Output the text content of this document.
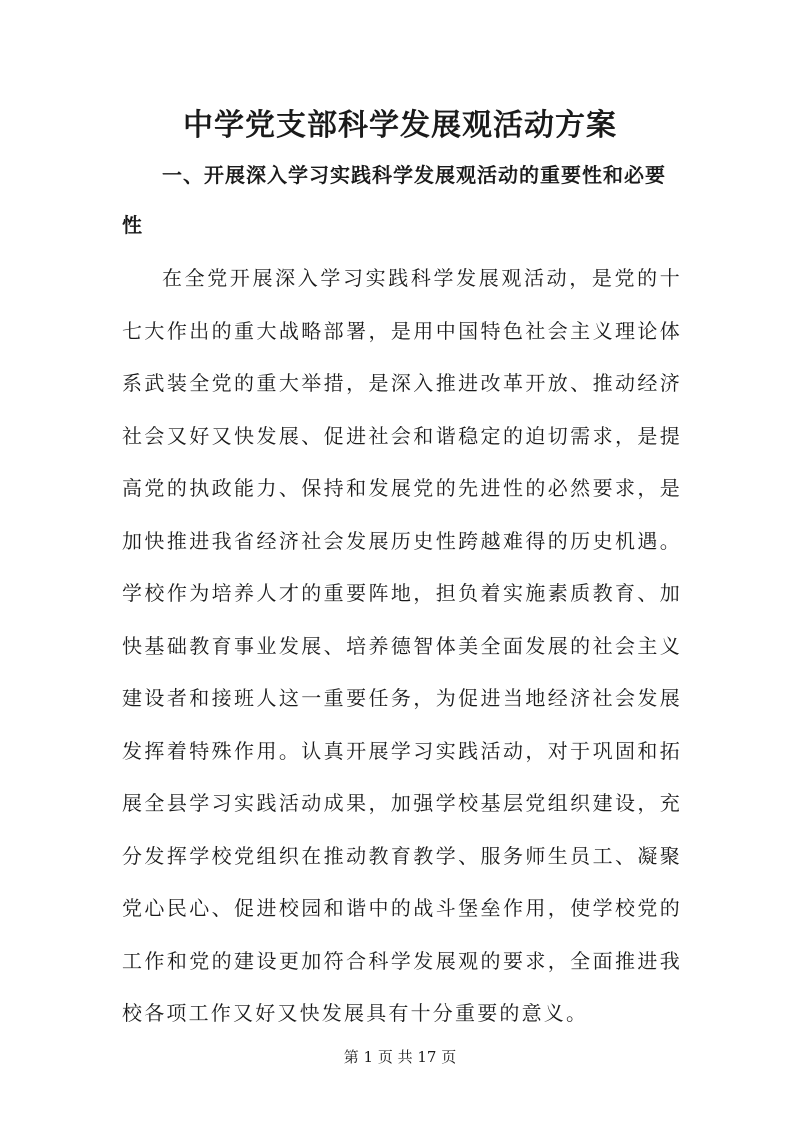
中学党支部科学发展观活动方案
一、开展深入学习实践科学发展观活动的重要性和必要性
在全党开展深入学习实践科学发展观活动，是党的十七大作出的重大战略部署，是用中国特色社会主义理论体系武装全党的重大举措，是深入推进改革开放、推动经济社会又好又快发展、促进社会和谐稳定的迫切需求，是提高党的执政能力、保持和发展党的先进性的必然要求，是加快推进我省经济社会发展历史性跨越难得的历史机遇。学校作为培养人才的重要阵地，担负着实施素质教育、加快基础教育事业发展、培养德智体美全面发展的社会主义建设者和接班人这一重要任务，为促进当地经济社会发展发挥着特殊作用。认真开展学习实践活动，对于巩固和拓展全县学习实践活动成果，加强学校基层党组织建设，充分发挥学校党组织在推动教育教学、服务师生员工、凝聚党心民心、促进校园和谐中的战斗堡垒作用，使学校党的工作和党的建设更加符合科学发展观的要求，全面推进我校各项工作又好又快发展具有十分重要的意义。
第 1 页 共 17 页
